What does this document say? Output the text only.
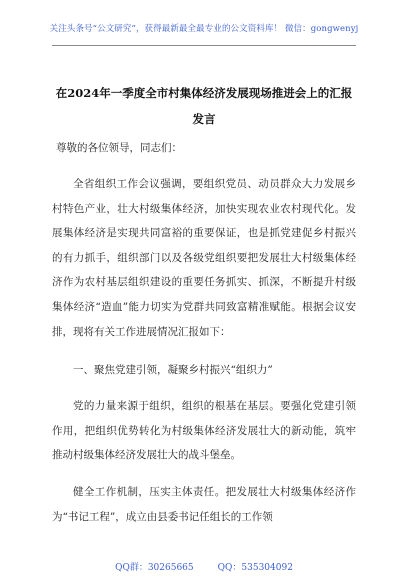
关注头条号“公文研究”，获得最新最全最专业的公文资料库！ 微信：gongwenyj
在2024年一季度全市村集体经济发展现场推进会上的汇报
发言
尊敬的各位领导，同志们：
全省组织工作会议强调，要组织党员、动员群众大力发展乡村特色产业，壮大村级集体经济，加快实现农业农村现代化。发展集体经济是实现共同富裕的重要保证，也是抓党建促乡村振兴的有力抓手，组织部门以及各级党组织要把发展壮大村级集体经济作为农村基层组织建设的重要任务抓实、抓深，不断提升村级集体经济“造血”能力切实为党群共同致富精准赋能。根据会议安排，现将有关工作进展情况汇报如下：
一、聚焦党建引领，凝聚乡村振兴“组织力”
党的力量来源于组织，组织的根基在基层。要强化党建引领作用，把组织优势转化为村级集体经济发展壮大的新动能，筑牢推动村级集体经济发展壮大的战斗堡垒。
健全工作机制，压实主体责任。把发展壮大村级集体经济作为“书记工程”，成立由县委书记任组长的工作领
QQ群：30265665	QQ：535304092
